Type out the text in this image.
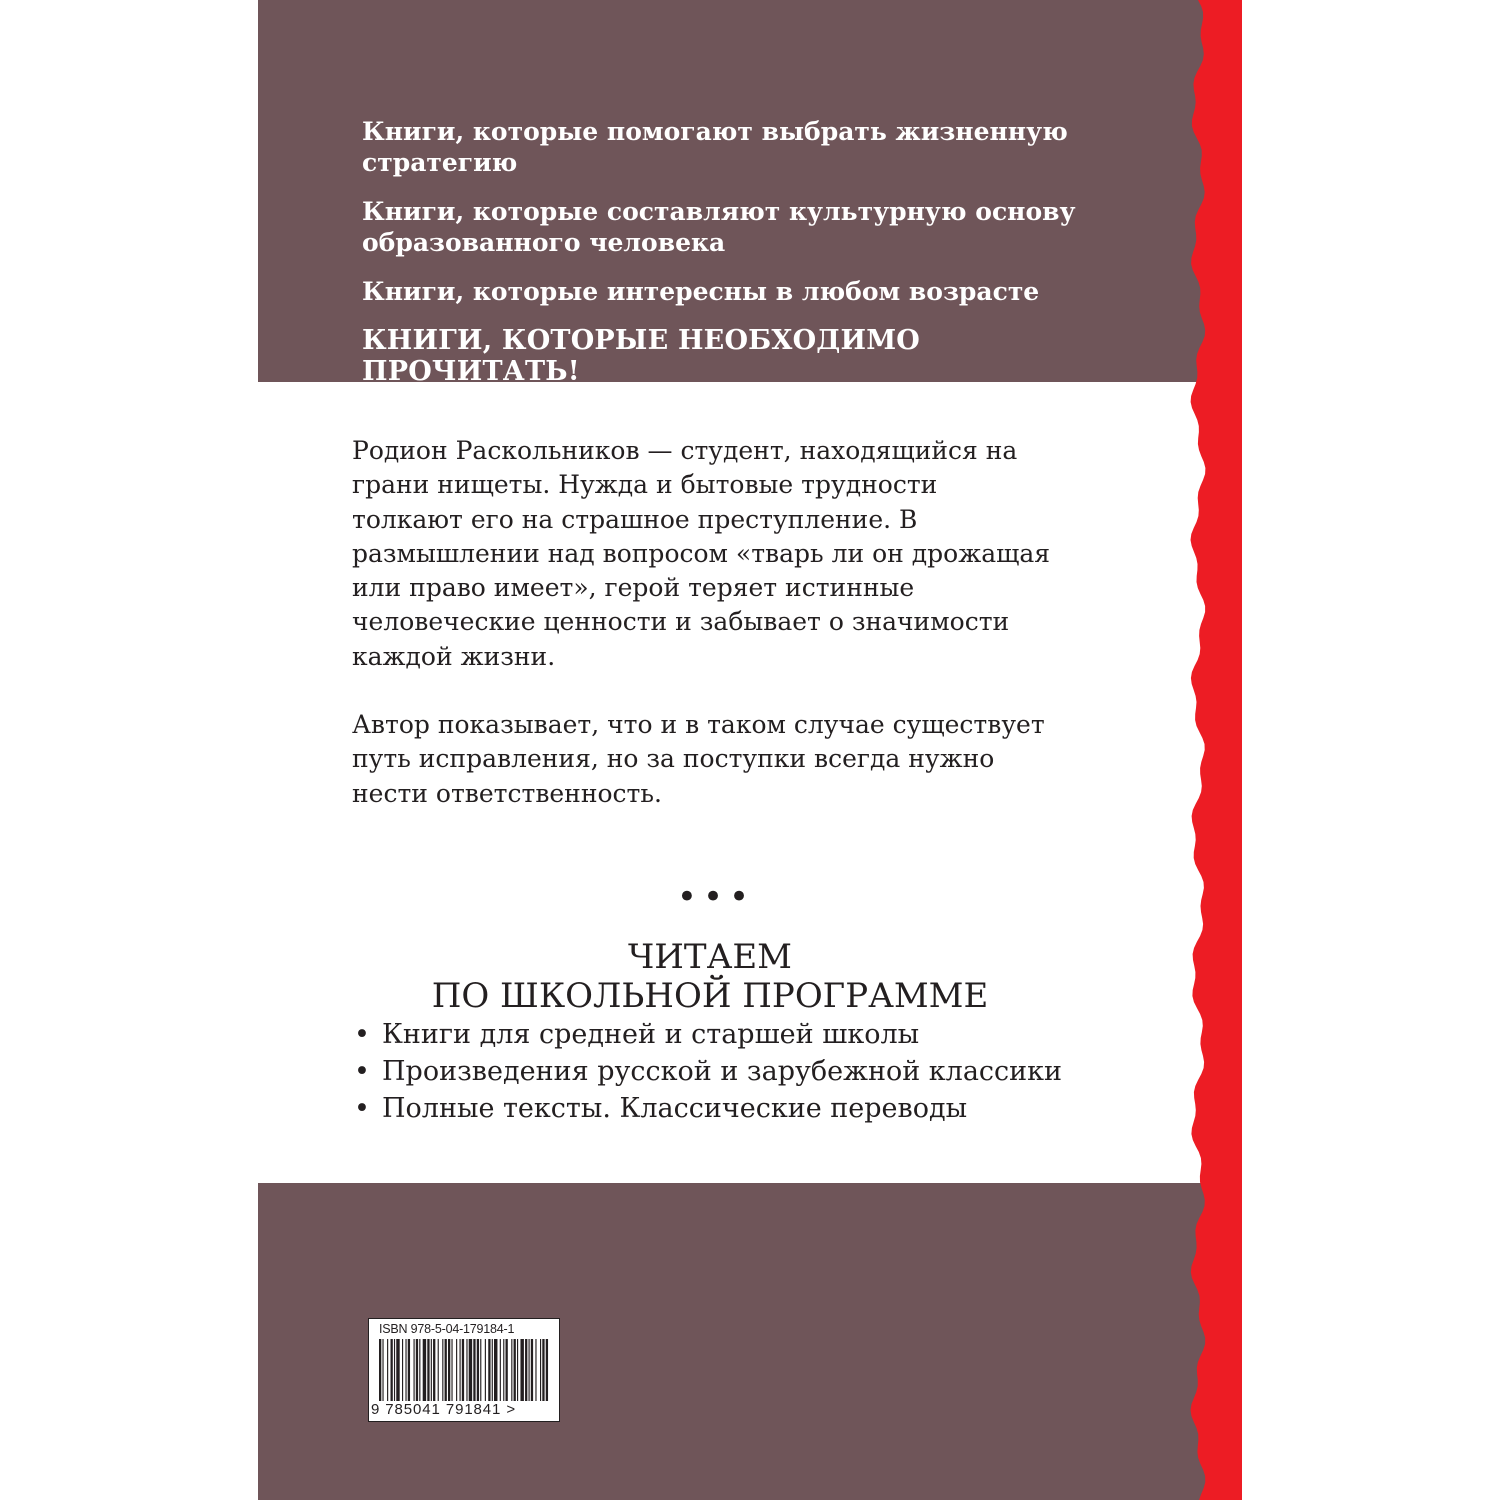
Книги, которые помогают выбрать жизненную стратегию

Книги, которые составляют культурную основу образованного человека

Книги, которые интересны в любом возрасте

КНИГИ, КОТОРЫЕ НЕОБХОДИМО ПРОЧИТАТЬ!

Родион Раскольников — студент, находящийся на грани нищеты. Нужда и бытовые трудности толкают его на страшное преступление. В размышлении над вопросом «тварь ли он дрожащая или право имеет», герой теряет истинные человеческие ценности и забывает о значимости каждой жизни.

Автор показывает, что и в таком случае существует путь исправления, но за поступки всегда нужно нести ответственность.

•••
ЧИТАЕМ
ПО ШКОЛЬНОЙ ПРОГРАММЕ
• Книги для средней и старшей школы
• Произведения русской и зарубежной классики
• Полные тексты. Классические переводы
ISBN 978-5-04-179184-1
9 785041 791841 >
